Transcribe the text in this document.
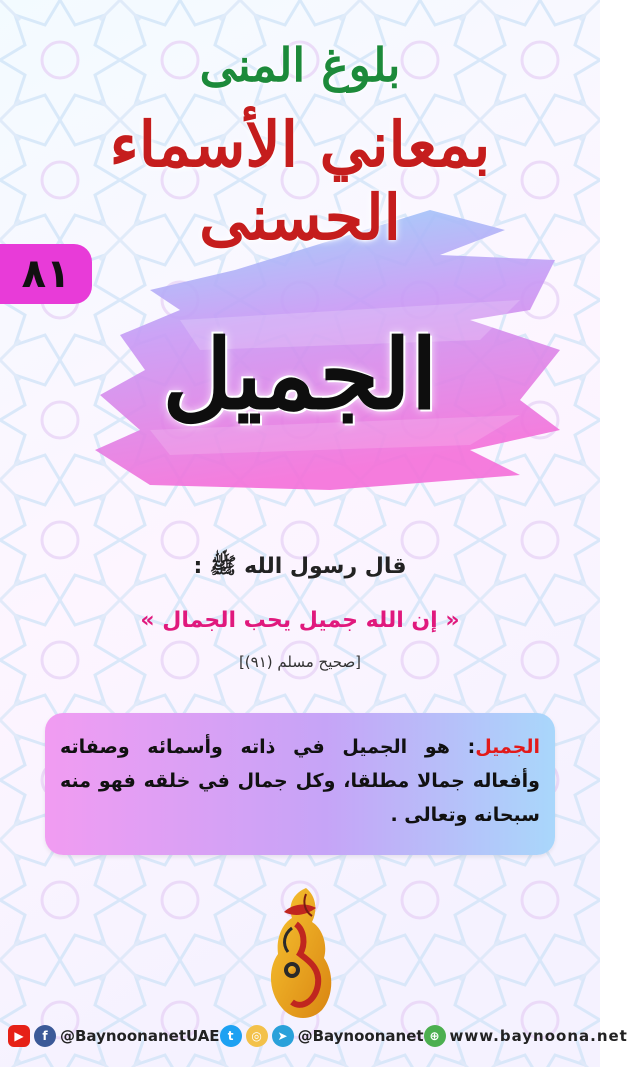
بلوغ المنى
بمعاني الأسماء الحسنى
٨١
الجميل
قال رسول الله ﷺ :
« إن الله جميل يحب الجمال »
[صحيح مسلم (٩١)]
الجميل: هو الجميل في ذاته وأسمائه وصفاته وأفعاله جمالا مطلقا، وكل جمال في خلقه فهو منه سبحانه وتعالى .
▶	f @BaynoonanetUAE t	◎	➤ @Baynoonanet ⊕ www.baynoona.net
